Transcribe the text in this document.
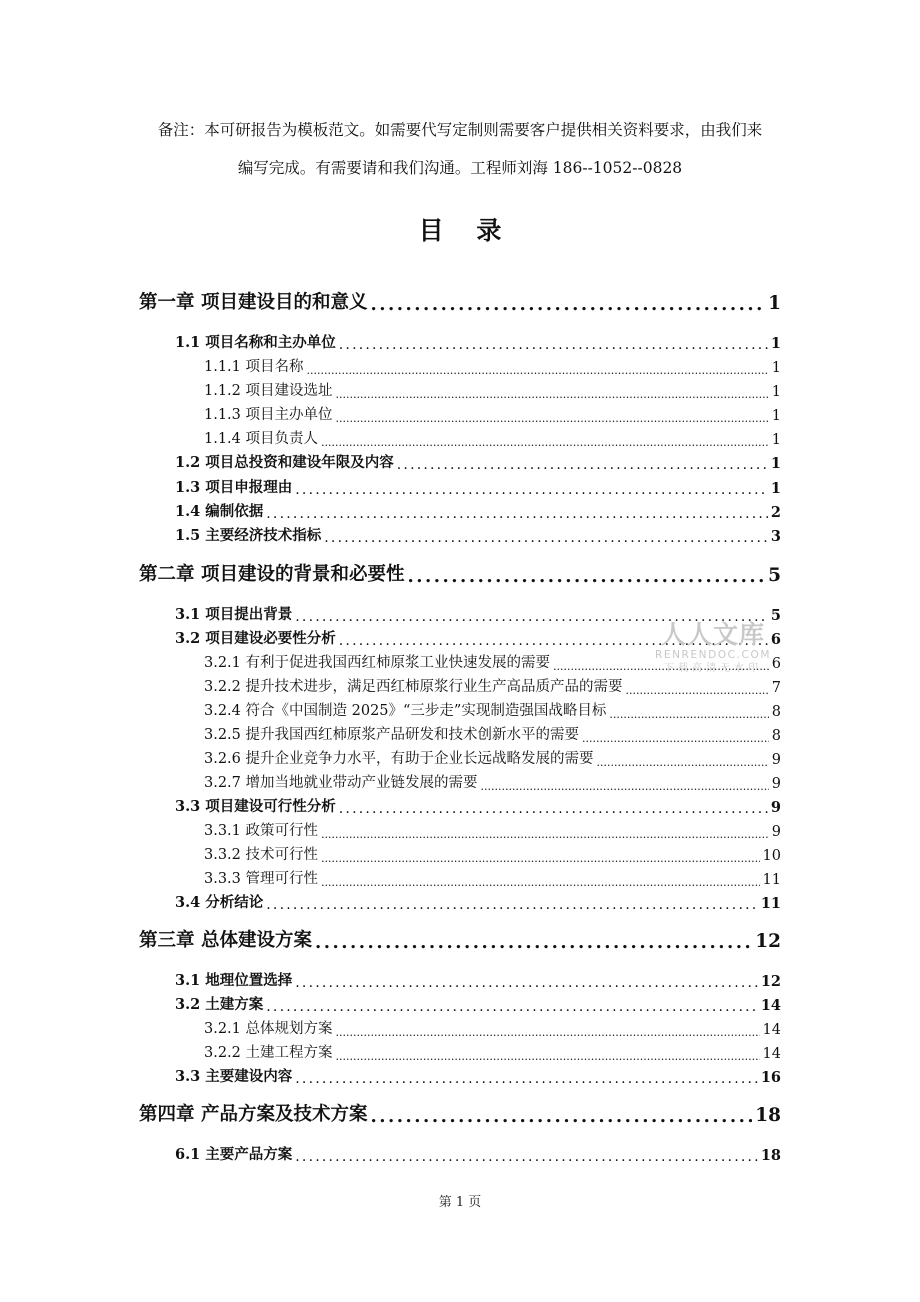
备注：本可研报告为模板范文。如需要代写定制则需要客户提供相关资料要求，由我们来
编写完成。有需要请和我们沟通。工程师刘海 186--1052--0828
目 录
第一章 项目建设目的和意义 .....	1
1.1 项目名称和主办单位 .....	1
1.1.1 项目名称 .....	1
1.1.2 项目建设选址 .....	1
1.1.3 项目主办单位 .....	1
1.1.4 项目负责人 .....	1
1.2 项目总投资和建设年限及内容 .....	1
1.3 项目申报理由 .....	1
1.4 编制依据 .....	2
1.5 主要经济技术指标 .....	3
第二章 项目建设的背景和必要性 .....	5
3.1 项目提出背景 .....	5
3.2 项目建设必要性分析 .....	6
3.2.1 有利于促进我国西红柿原浆工业快速发展的需要 .....	6
3.2.2 提升技术进步，满足西红柿原浆行业生产高品质产品的需要 .....	7
3.2.4 符合《中国制造 2025》“三步走”实现制造强国战略目标 .....	8
3.2.5 提升我国西红柿原浆产品研发和技术创新水平的需要 .....	8
3.2.6 提升企业竞争力水平，有助于企业长远战略发展的需要 .....	9
3.2.7 增加当地就业带动产业链发展的需要 .....	9
3.3 项目建设可行性分析 .....	9
3.3.1 政策可行性 .....	9
3.3.2 技术可行性 .....	10
3.3.3 管理可行性 .....	11
3.4 分析结论 .....	11
第三章 总体建设方案 .....	12
3.1 地理位置选择 .....	12
3.2 土建方案 .....	14
3.2.1 总体规划方案 .....	14
3.2.2 土建工程方案 .....	14
3.3 主要建设内容 .....	16
第四章 产品方案及技术方案 .....	18
6.1 主要产品方案 .....	18
人人文库
RENRENDOC.COM
下载高清无水印
第 1 页
